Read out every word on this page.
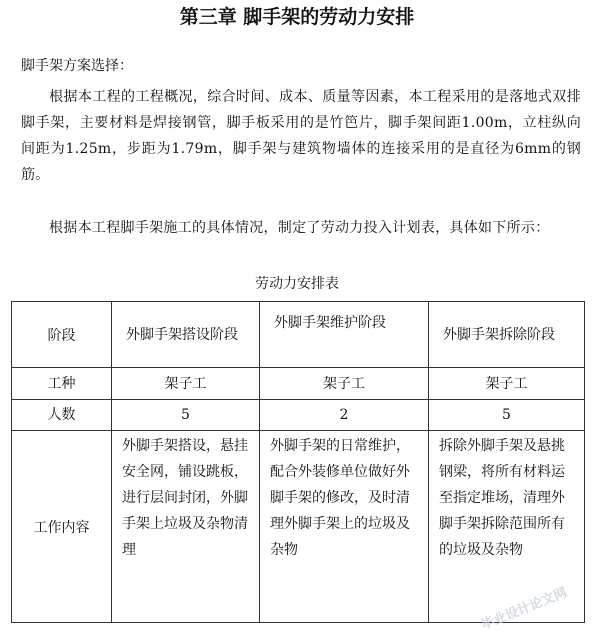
第三章 脚手架的劳动力安排
脚手架方案选择：
根据本工程的工程概况，综合时间、成本、质量等因素，本工程采用的是落地式双排脚手架，主要材料是焊接钢管，脚手板采用的是竹笆片，脚手架间距1.00m，立柱纵向间距为1.25m，步距为1.79m，脚手架与建筑物墙体的连接采用的是直径为6mm的钢筋。
根据本工程脚手架施工的具体情况，制定了劳动力投入计划表，具体如下所示：
劳动力安排表
阶段	外脚手架搭设阶段	外脚手架维护阶段	外脚手架拆除阶段
工种	架子工	架子工	架子工
人数	5	2	5
工作内容	外脚手架搭设，悬挂安全网，铺设跳板，进行层间封闭，外脚手架上垃圾及杂物清理	外脚手架的日常维护，配合外装修单位做好外脚手架的修改，及时清理外脚手架上的垃圾及杂物	拆除外脚手架及悬挑钢梁，将所有材料运至指定堆场，清理外脚手架拆除范围所有的垃圾及杂物
毕业设计论文网
